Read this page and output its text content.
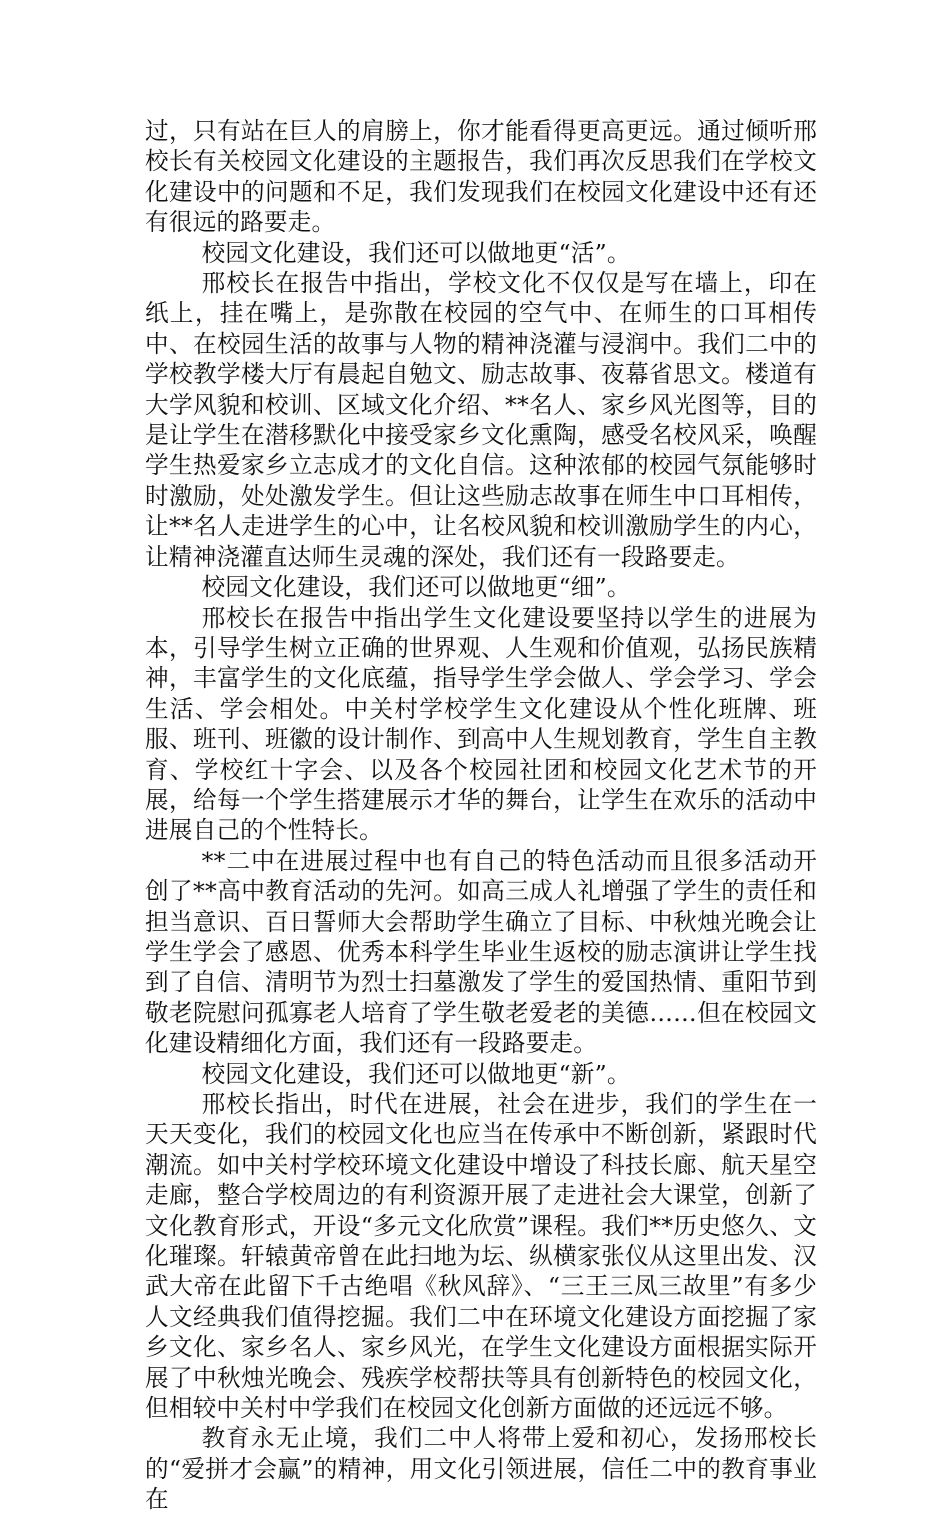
过，只有站在巨人的肩膀上，你才能看得更高更远。通过倾听邢校长有关校园文化建设的主题报告，我们再次反思我们在学校文化建设中的问题和不足，我们发现我们在校园文化建设中还有还有很远的路要走。

校园文化建设，我们还可以做地更“活”。

邢校长在报告中指出，学校文化不仅仅是写在墙上，印在纸上，挂在嘴上，是弥散在校园的空气中、在师生的口耳相传中、在校园生活的故事与人物的精神浇灌与浸润中。我们二中的学校教学楼大厅有晨起自勉文、励志故事、夜幕省思文。楼道有大学风貌和校训、区域文化介绍、**名人、家乡风光图等，目的是让学生在潜移默化中接受家乡文化熏陶，感受名校风采，唤醒学生热爱家乡立志成才的文化自信。这种浓郁的校园气氛能够时时激励，处处激发学生。但让这些励志故事在师生中口耳相传，让**名人走进学生的心中，让名校风貌和校训激励学生的内心，让精神浇灌直达师生灵魂的深处，我们还有一段路要走。

校园文化建设，我们还可以做地更“细”。

邢校长在报告中指出学生文化建设要坚持以学生的进展为本，引导学生树立正确的世界观、人生观和价值观，弘扬民族精神，丰富学生的文化底蕴，指导学生学会做人、学会学习、学会生活、学会相处。中关村学校学生文化建设从个性化班牌、班服、班刊、班徽的设计制作、到高中人生规划教育，学生自主教育、学校红十字会、以及各个校园社团和校园文化艺术节的开展，给每一个学生搭建展示才华的舞台，让学生在欢乐的活动中进展自己的个性特长。

**二中在进展过程中也有自己的特色活动而且很多活动开创了**高中教育活动的先河。如高三成人礼增强了学生的责任和担当意识、百日誓师大会帮助学生确立了目标、中秋烛光晚会让学生学会了感恩、优秀本科学生毕业生返校的励志演讲让学生找到了自信、清明节为烈士扫墓激发了学生的爱国热情、重阳节到敬老院慰问孤寡老人培育了学生敬老爱老的美德……但在校园文化建设精细化方面，我们还有一段路要走。

校园文化建设，我们还可以做地更“新”。

邢校长指出，时代在进展，社会在进步，我们的学生在一天天变化，我们的校园文化也应当在传承中不断创新，紧跟时代潮流。如中关村学校环境文化建设中增设了科技长廊、航天星空走廊，整合学校周边的有利资源开展了走进社会大课堂，创新了文化教育形式，开设“多元文化欣赏”课程。我们**历史悠久、文化璀璨。轩辕黄帝曾在此扫地为坛、纵横家张仪从这里出发、汉武大帝在此留下千古绝唱《秋风辞》、“三王三凤三故里”有多少人文经典我们值得挖掘。我们二中在环境文化建设方面挖掘了家乡文化、家乡名人、家乡风光，在学生文化建设方面根据实际开展了中秋烛光晚会、残疾学校帮扶等具有创新特色的校园文化，但相较中关村中学我们在校园文化创新方面做的还远远不够。

教育永无止境，我们二中人将带上爱和初心，发扬邢校长的“爱拼才会赢”的精神，用文化引领进展，信任二中的教育事业在
